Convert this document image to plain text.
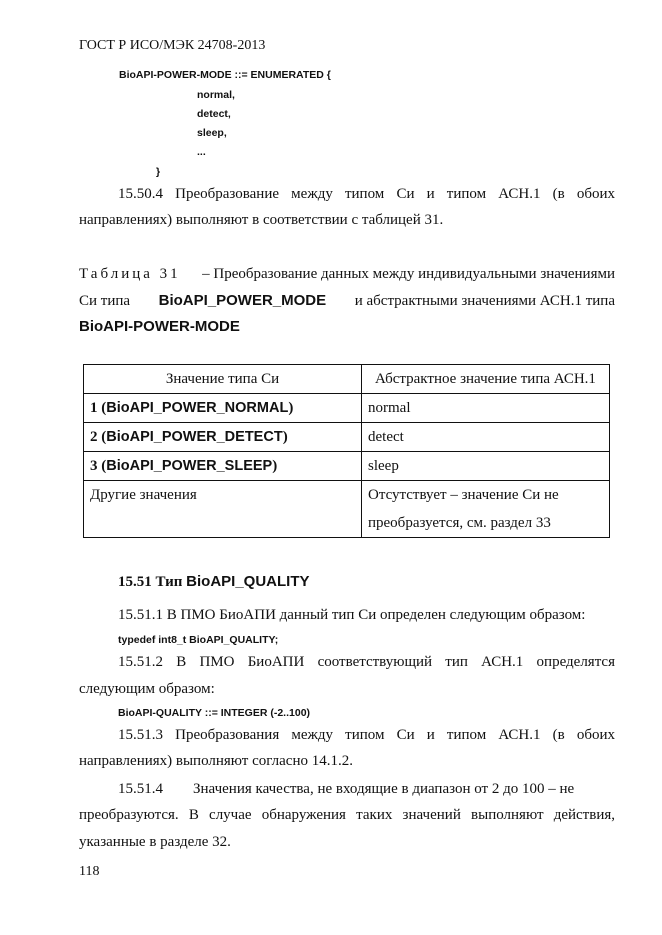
ГОСТ Р ИСО/МЭК 24708-2013
BioAPI-POWER-MODE ::= ENUMERATED {
normal,
detect,
sleep,
...
}
15.50.4 Преобразование между типом Си и типом АСН.1 (в обоих
направлениях) выполняют в соответствии с таблицей 31.
Таблица 31 – Преобразование данных между индивидуальными значениями
Си типа BioAPI_POWER_MODE и абстрактными значениями АСН.1 типа
BioAPI-POWER-MODE
Значение типа Си	Абстрактное значение типа АСН.1
1 (BioAPI_POWER_NORMAL)	normal
2 (BioAPI_POWER_DETECT)	detect
3 (BioAPI_POWER_SLEEP)	sleep
Другие значения	Отсутствует – значение Си не
преобразуется, см. раздел 33
15.51 Тип BioAPI_QUALITY
15.51.1 В ПМО БиоАПИ данный тип Си определен следующим образом:
typedef int8_t BioAPI_QUALITY;
15.51.2 В ПМО БиоАПИ соответствующий тип АСН.1 определятся
следующим образом:
BioAPI-QUALITY ::= INTEGER (-2..100)
15.51.3 Преобразования между типом Си и типом АСН.1 (в обоих
направлениях) выполняют согласно 14.1.2.
15.51.4        Значения качества, не входящие в диапазон от 2 до 100 – не
преобразуются. В случае обнаружения таких значений выполняют действия,
указанные в разделе 32.
118
